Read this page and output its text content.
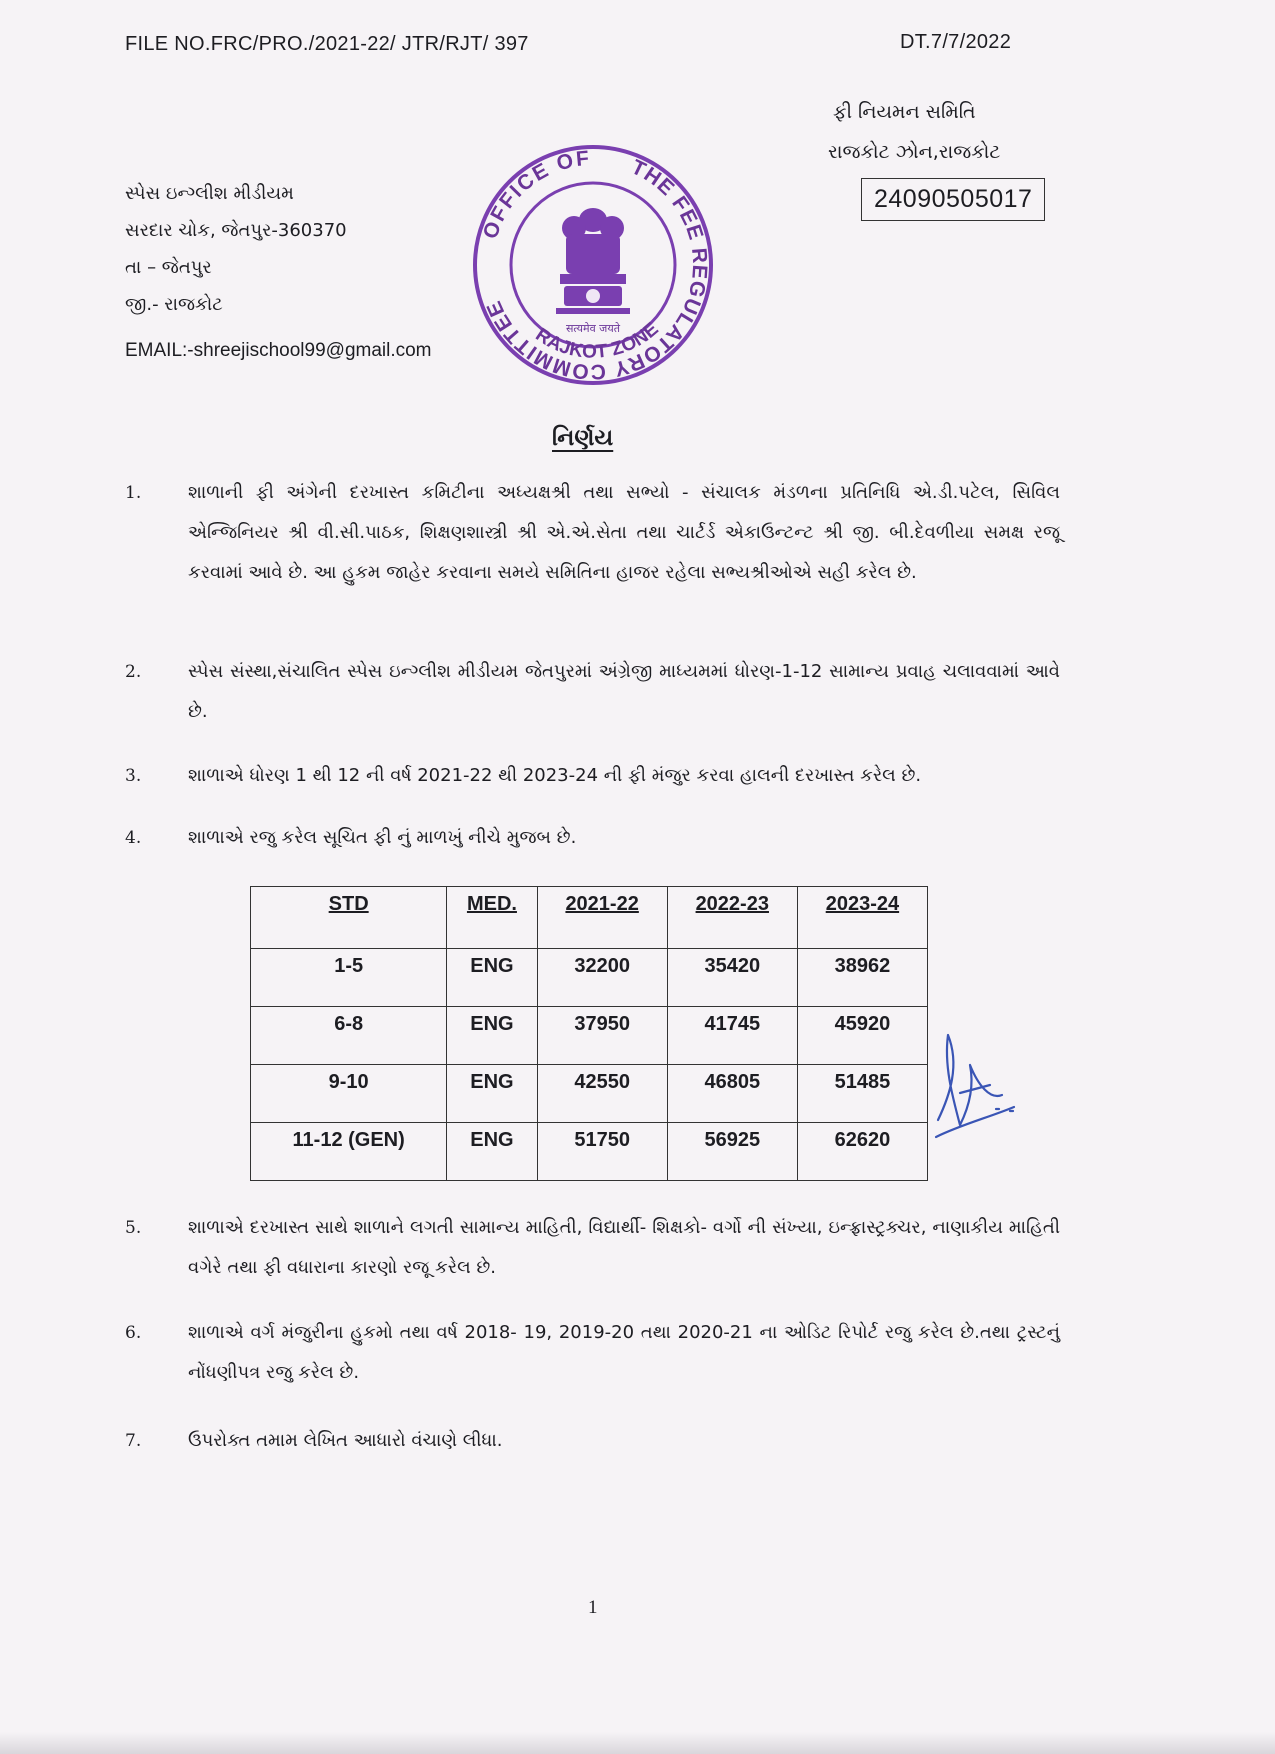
FILE NO.FRC/PRO./2021-22/ JTR/RJT/ 397	DT.7/7/2022
ફી નિયમન સમિતિ
રાજકોટ ઝોન,રાજકોટ
24090505017
સ્પેસ ઇન્ગ્લીશ મીડીયમ
સરદાર ચોક, જેતપુર-360370
તા – જેતપુર
જી.- રાજકોટ
EMAIL:-shreejischool99@gmail.com
OFFICE OF	THE FEE REGULATORY COMMITTEE
RAJKOT ZONE
सत्यमेव जयते
નિર્ણય
1.	શાળાની ફી અંગેની દરખાસ્ત કમિટીના અધ્યક્ષશ્રી તથા સભ્યો - સંચાલક મંડળના પ્રતિનિધિ એ.ડી.પટેલ, સિવિલ એન્જિનિયર શ્રી વી.સી.પાઠક, શિક્ષણશાસ્ત્રી શ્રી એ.એ.સેતા તથા ચાર્ટર્ડ એકાઉન્ટન્ટ શ્રી જી. બી.દેવળીયા સમક્ષ રજૂ કરવામાં આવે છે. આ હુકમ જાહેર કરવાના સમયે સમિતિના હાજર રહેલા સભ્યશ્રીઓએ સહી કરેલ છે.
2.	સ્પેસ સંસ્થા,સંચાલિત સ્પેસ ઇન્ગ્લીશ મીડીયમ જેતપુરમાં અંગ્રેજી માધ્યમમાં ધોરણ-1-12 સામાન્ય પ્રવાહ ચલાવવામાં આવે છે.
3.	શાળાએ ધોરણ 1 થી 12 ની વર્ષ 2021-22 થી 2023-24 ની ફી મંજુર કરવા હાલની દરખાસ્ત કરેલ છે.
4.	શાળાએ રજુ કરેલ સૂચિત ફી નું માળખું નીચે મુજબ છે.
STD	MED.	2021-22	2022-23	2023-24
1-5	ENG	32200	35420	38962
6-8	ENG	37950	41745	45920
9-10	ENG	42550	46805	51485
11-12 (GEN)	ENG	51750	56925	62620
5.	શાળાએ દરખાસ્ત સાથે શાળાને લગતી સામાન્ય માહિતી, વિદ્યાર્થી- શિક્ષકો- વર્ગો ની સંખ્યા, ઇન્ફ્રાસ્ટ્રક્ચર, નાણાકીય માહિતી વગેરે તથા ફી વધારાના કારણો રજૂ કરેલ છે.
6.	શાળાએ વર્ગ મંજુરીના હુકમો તથા વર્ષ 2018- 19, 2019-20 તથા 2020-21 ના ઓડિટ રિપોર્ટ રજુ કરેલ છે.તથા ટ્રસ્ટનું નોંધણીપત્ર રજુ કરેલ છે.
7.	ઉપરોક્ત તમામ લેખિત આધારો વંચાણે લીધા.
1
